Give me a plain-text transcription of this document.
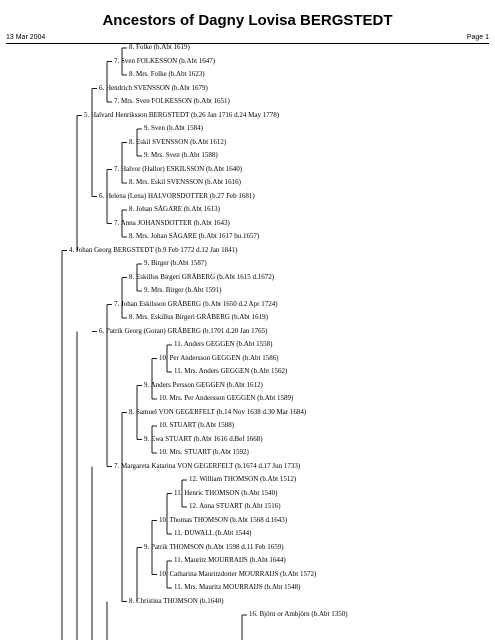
Ancestors of Dagny Lovisa BERGSTEDT
13 Mar 2004	Page 1
8. Folke (b.Abt 1619)
7. Sven FOLKESSON (b.Abt 1647)
8. Mrs. Folke (b.Abt 1623)
6. Hendrich SVENSSON (b.Abt 1679)
7. Mrs. Sven FOLKESSON (b.Abt 1651)
5. Halvard Henriksson BERGSTEDT (b.26 Jan 1716 d.24 May 1778)
9. Sven (b.Abt 1584)
8. Eskil SVENSSON (b.Abt 1612)
9. Mrs. Sven (b.Abt 1588)
7. Halvor (Hallor) ESKILSSON (b.Abt 1640)
8. Mrs. Eskil SVENSSON (b.Abt 1616)
6. Helena (Lena) HALVORSDOTTER (b.27 Feb 1681)
8. Johan SÅGARE (b.Abt 1613)
7. Anna JOHANSDOTTER (b.Abt 1643)
8. Mrs. Johan SÅGARE (b.Abt 1617 bu.1657)
4. Johan Georg BERGSTEDT (b.9 Feb 1772 d.12 Jan 1841)
9. Birger (b.Abt 1587)
8. Eskillus Birgeri GRÅBERG (b.Abt 1615 d.1672)
9. Mrs. Birger (b.Abt 1591)
7. Johan Eskilsson GRÅBERG (b.Abt 1650 d.2 Apr 1724)
8. Mrs. Eskillus Birgeri GRÅBERG (b.Abt 1619)
6. Patrik Georg (Goran) GRÅBERG (b.1701 d.20 Jan 1765)
11. Anders GEGGEN (b.Abt 1558)
10. Per Andersson GEGGEN (b.Abt 1586)
11. Mrs. Anders GEGGEN (b.Abt 1562)
9. Anders Persson GEGGEN (b.Abt 1612)
10. Mrs. Per Andersson GEGGEN (b.Abt 1589)
8. Samuel VON GEGERFELT (b.14 Nov 1638 d.30 Mar 1684)
10. STUART (b.Abt 1588)
9. Ewa STUART (b.Abt 1616 d.Bef 1668)
10. Mrs. STUART (b.Abt 1592)
7. Margareta Katarina VON GEGERFELT (b.1674 d.17 Jun 1733)
12. William THOMSON (b.Abt 1512)
11. Henric THOMSON (b.Abt 1540)
12. Anna STUART (b.Abt 1516)
10. Thomas THOMSON (b.Abt 1568 d.1643)
11. DUWALL (b.Abt 1544)
9. Patrik THOMSON (b.Abt 1598 d.11 Feb 1659)
11. Mauritz MOURRAIJS (b.Abt 1644)
10. Catharina Mauritzdotter MOURRAIJS (b.Abt 1572)
11. Mrs. Mauritz MOURRAIJS (b.Abt 1548)
8. Christina THOMSON (b.1640)
16. Björn or Ambjörn (b.Abt 1350)
